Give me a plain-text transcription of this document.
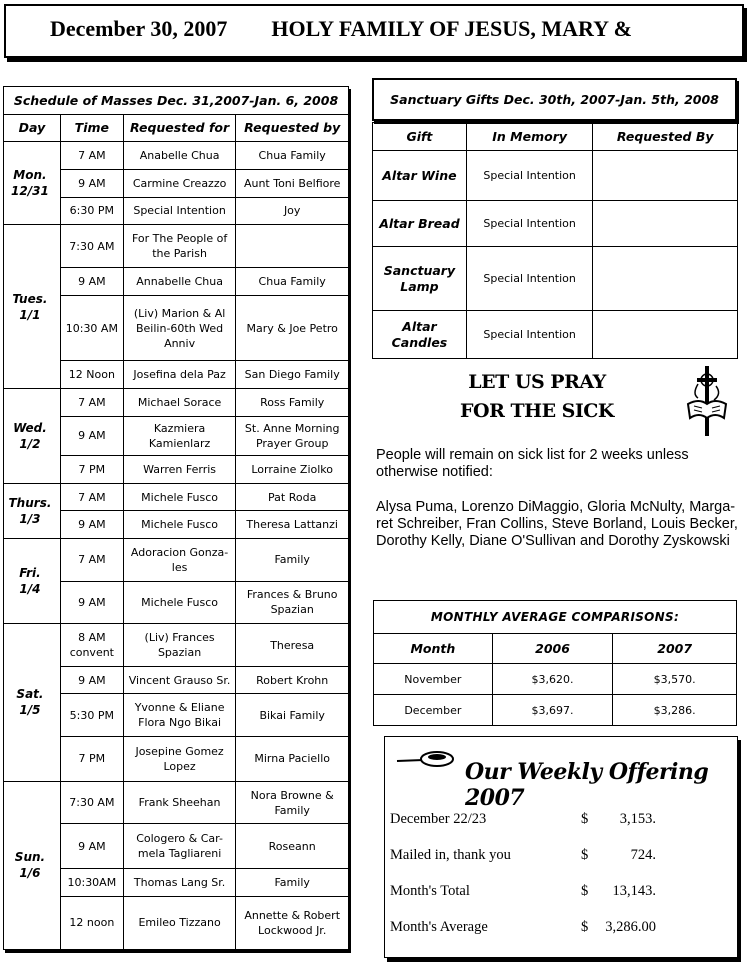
December 30, 2007 HOLY FAMILY OF JESUS, MARY &
Schedule of Masses Dec. 31,2007-Jan. 6, 2008			
Day	Time	Requested for	Requested by

Mon.
12/31	7 AM	Anabelle Chua	Chua Family
	9 AM	Carmine Creazzo	Aunt Toni Belfiore
	6:30 PM	Special Intention	Joy

Tues.
1/1	7:30 AM	For The People of the Parish	
	9 AM	Annabelle Chua	Chua Family
	10:30 AM	(Liv) Marion & Al Beilin-60th Wed Anniv	Mary & Joe Petro
	12 Noon	Josefina dela Paz	San Diego Family

Wed.
1/2	7 AM	Michael Sorace	Ross Family
	9 AM	Kazmiera Kamienlarz	St. Anne Morning Prayer Group
	7 PM	Warren Ferris	Lorraine Ziolko

Thurs.
1/3	7 AM	Michele Fusco	Pat Roda
	9 AM	Michele Fusco	Theresa Lattanzi

Fri.
1/4	7 AM	Adoracion Gonza-les	Family
	9 AM	Michele Fusco	Frances & Bruno Spazian

Sat.
1/5	8 AM convent	(Liv) Frances Spazian	Theresa
	9 AM	Vincent Grauso Sr.	Robert Krohn
	5:30 PM	Yvonne & Eliane Flora Ngo Bikai	Bikai Family
	7 PM	Josepine Gomez Lopez	Mirna Paciello

Sun.
1/6	7:30 AM	Frank Sheehan	Nora Browne & Family
	9 AM	Cologero & Car-mela Tagliareni	Roseann
	10:30AM	Thomas Lang Sr.	Family
	12 noon	Emileo Tizzano	Annette & Robert Lockwood Jr.
Sanctuary Gifts Dec. 30th, 2007-Jan. 5th, 2008
Gift	In Memory	Requested By
Altar Wine	Special Intention	
Altar Bread	Special Intention	
Sanctuary Lamp	Special Intention	
Altar Candles	Special Intention	
LET US PRAY
FOR THE SICK
People will remain on sick list for 2 weeks unless otherwise notified:
Alysa Puma, Lorenzo DiMaggio, Gloria McNulty, Marga-ret Schreiber, Fran Collins, Steve Borland, Louis Becker, Dorothy Kelly, Diane O'Sullivan and Dorothy Zyskowski
MONTHLY AVERAGE COMPARISONS:		
Month	2006	2007
November	$3,620.	$3,570.
December	$3,697.	$3,286.
Our Weekly Offering 2007
December 22/23	$	3,153.
Mailed in, thank you	$	724.
Month's Total	$	13,143.
Month's Average	$	3,286.00
